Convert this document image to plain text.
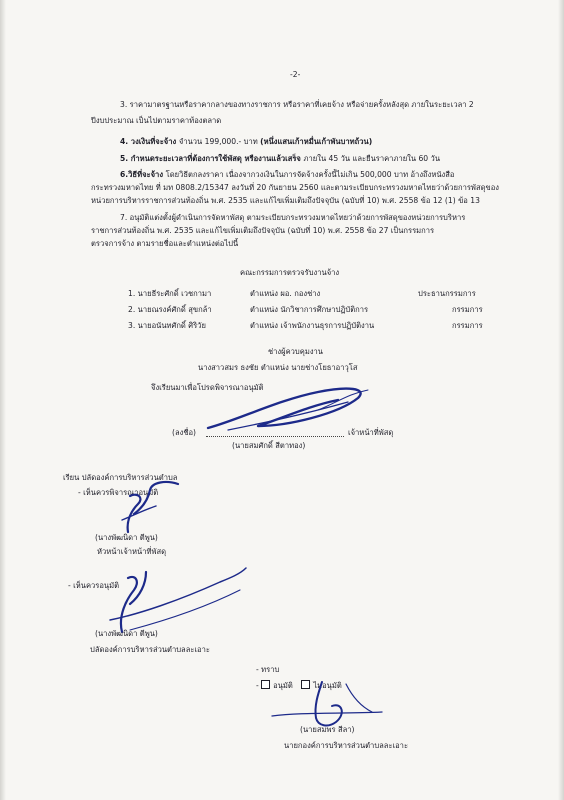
-2-
3. ราคามาตรฐานหรือราคากลางของทางราชการ หรือราคาที่เคยจ้าง หรือจ่ายครั้งหลังสุด ภายในระยะเวลา 2
ปีงบประมาณ เป็นไปตามราคาท้องตลาด
4. วงเงินที่จะจ้าง จำนวน 199,000.- บาท (หนึ่งแสนเก้าหมื่นเก้าพันบาทถ้วน)
5. กำหนดระยะเวลาที่ต้องการใช้พัสดุ หรืองานแล้วเสร็จ ภายใน 45 วัน และยืนราคาภายใน 60 วัน
6.วิธีที่จะจ้าง โดยวิธีตกลงราคา เนื่องจากวงเงินในการจัดจ้างครั้งนี้ไม่เกิน 500,000 บาท อ้างถึงหนังสือ
กระทรวงมหาดไทย ที่ มท 0808.2/15347 ลงวันที่ 20 กันยายน 2560 และตามระเบียบกระทรวงมหาดไทยว่าด้วยการพัสดุของ
หน่วยการบริหารราชการส่วนท้องถิ่น พ.ศ. 2535 และแก้ไขเพิ่มเติมถึงปัจจุบัน (ฉบับที่ 10) พ.ศ. 2558 ข้อ 12 (1) ข้อ 13
7. อนุมัติแต่งตั้งผู้ดำเนินการจัดหาพัสดุ ตามระเบียบกระทรวงมหาดไทยว่าด้วยการพัสดุของหน่วยการบริหาร
ราชการส่วนท้องถิ่น พ.ศ. 2535 และแก้ไขเพิ่มเติมถึงปัจจุบัน (ฉบับที่ 10) พ.ศ. 2558 ข้อ 27 เป็นกรรมการ
ตรวจการจ้าง ตามรายชื่อและตำแหน่งต่อไปนี้
คณะกรรมการตรวจรับงานจ้าง
1. นายธีระศักดิ์ เวชกามา	ตำแหน่ง ผอ. กองช่าง	ประธานกรรมการ
2. นายณรงค์ศักดิ์ สุขกล้า	ตำแหน่ง นักวิชาการศึกษาปฏิบัติการ	กรรมการ
3. นายอนันทศักดิ์ ศิริวัย	ตำแหน่ง เจ้าพนักงานธุรการปฏิบัติงาน	กรรมการ
ช่างผู้ควบคุมงาน
นางสาวสมร ธงชัย ตำแหน่ง นายช่างโยธาอาวุโส
จึงเรียนมาเพื่อโปรดพิจารณาอนุมัติ
(ลงชื่อ)	เจ้าหน้าที่พัสดุ
(นายสมศักดิ์ สีตาทอง)
เรียน ปลัดองค์การบริหารส่วนตำบล
- เห็นควรพิจารณาอนุมัติ
(นางพัฒนิดา ตีพูน)
หัวหน้าเจ้าหน้าที่พัสดุ
- เห็นควรอนุมัติ
(นางพัฒนิดา ตีพูน)
ปลัดองค์การบริหารส่วนตำบลละเอาะ
- ทราบ
- อนุมัติ	ไม่อนุมัติ
(นายสมพร สีลา)
นายกองค์การบริหารส่วนตำบลละเอาะ
